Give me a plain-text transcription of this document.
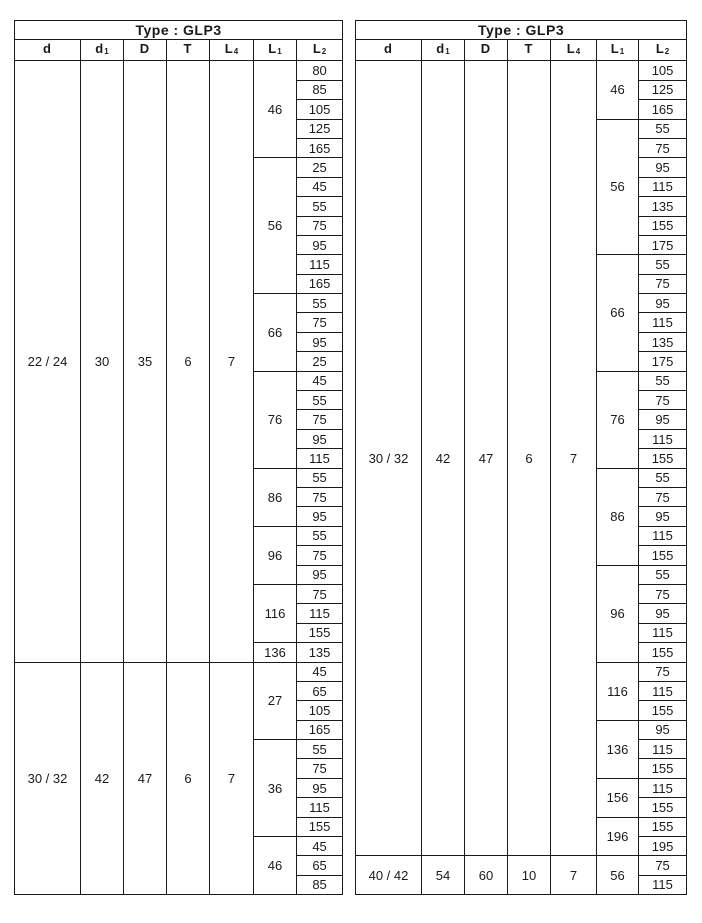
Type : GLP3						
d	d1	D	T	L4	L1	L2
22 / 24	30	35	6	7	46	80
						85
						105
						125
						165
					56	25
						45
						55
						75
						95
						115
						165
					66	55
						75
						95
						25
					76	45
						55
						75
						95
						115
					86	55
						75
						95
					96	55
						75
						95
					116	75
						115
						155
					136	135
30 / 32	42	47	6	7	27	45
						65
						105
						165
					36	55
						75
						95
						115
						155
					46	45
						65
						85
Type : GLP3						
d	d1	D	T	L4	L1	L2
30 / 32	42	47	6	7	46	105
						125
						165
					56	55
						75
						95
						115
						135
						155
						175
					66	55
						75
						95
						115
						135
						175
					76	55
						75
						95
						115
						155
					86	55
						75
						95
						115
						155
					96	55
						75
						95
						115
						155
					116	75
						115
						155
					136	95
						115
						155
					156	115
						155
					196	155
						195
40 / 42	54	60	10	7	56	75
						115
